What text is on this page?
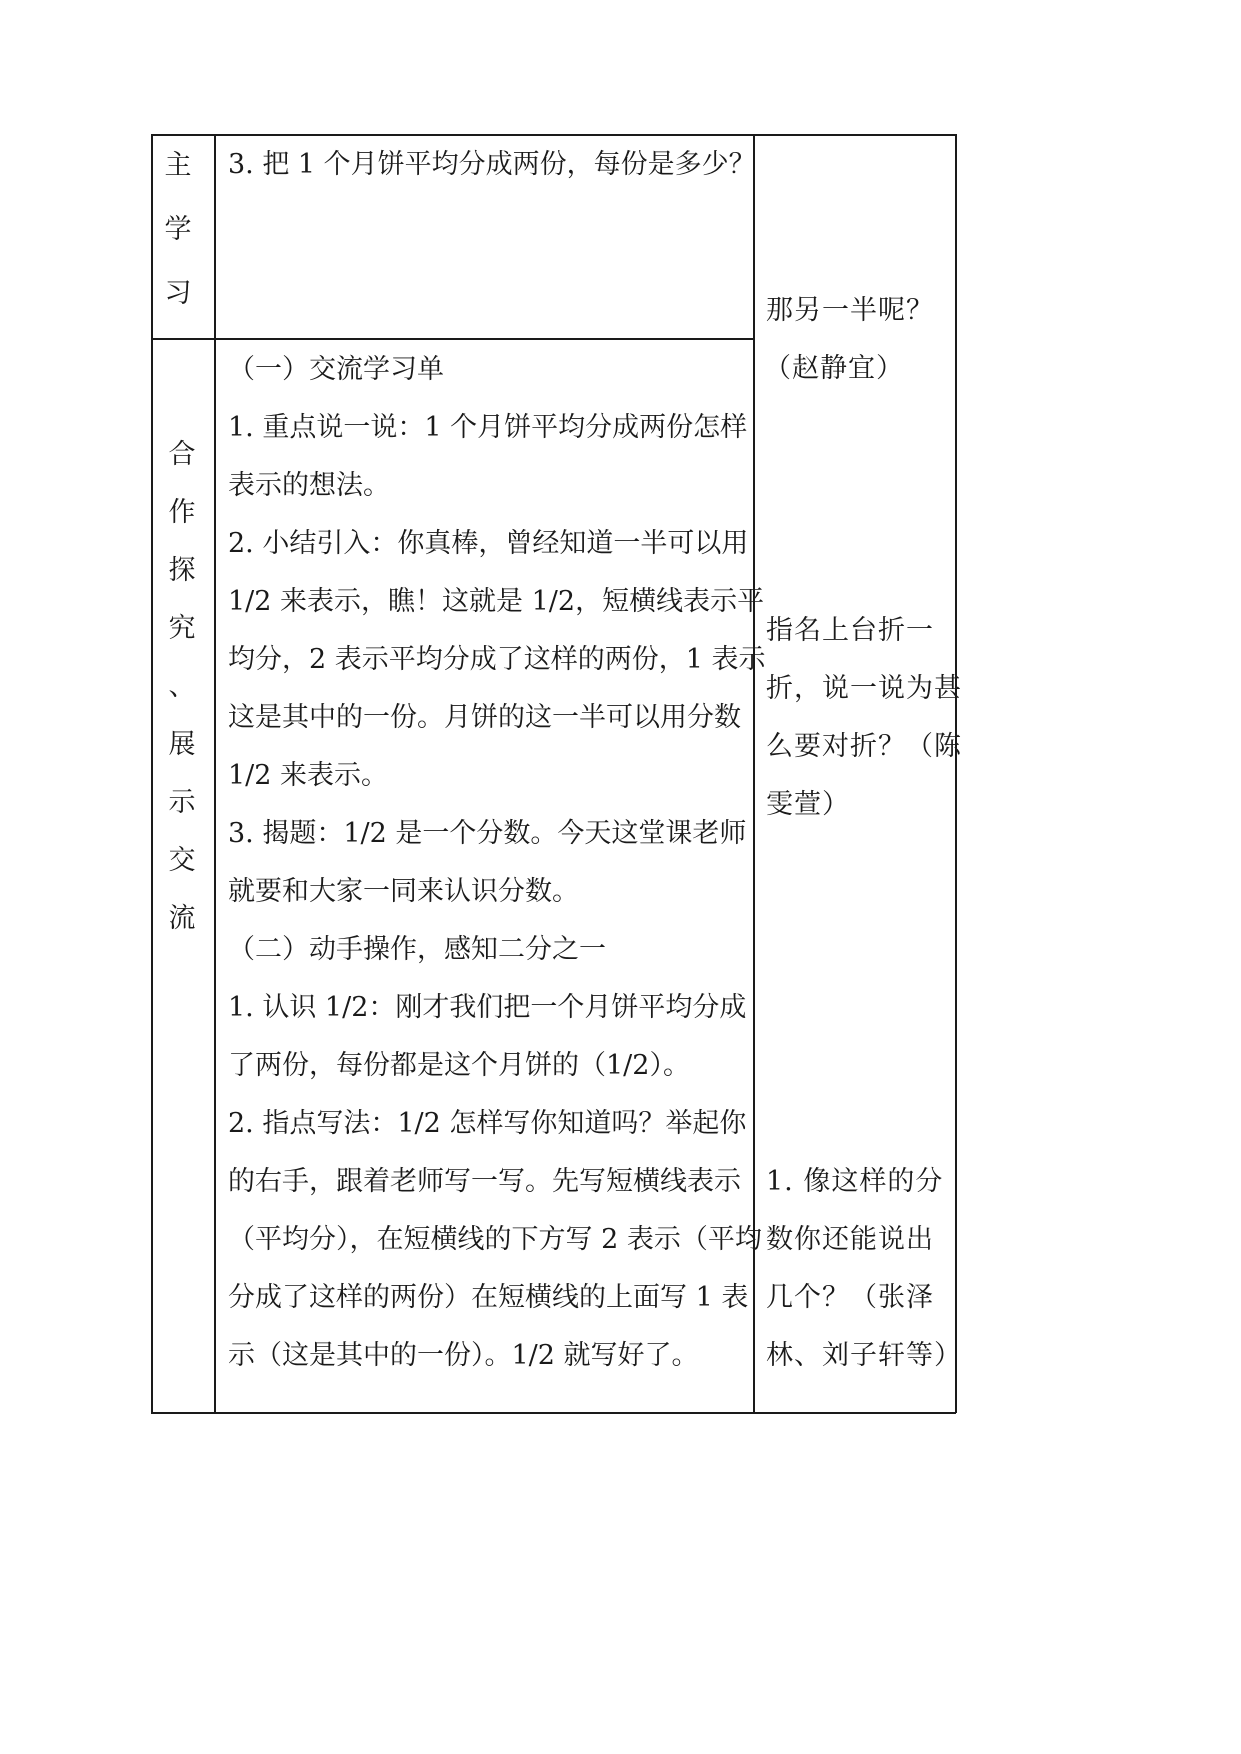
主
学
习
3. 把 1 个月饼平均分成两份，每份是多少？
合
作
探
究
、
展
示
交
流
（一）交流学习单
1. 重点说一说：1 个月饼平均分成两份怎样
表示的想法。
2. 小结引入：你真棒，曾经知道一半可以用
1/2 来表示，瞧！这就是 1/2，短横线表示平
均分，2 表示平均分成了这样的两份，1 表示
这是其中的一份。月饼的这一半可以用分数
1/2 来表示。
3. 揭题：1/2 是一个分数。今天这堂课老师
就要和大家一同来认识分数。
（二）动手操作，感知二分之一
1. 认识 1/2：刚才我们把一个月饼平均分成
了两份，每份都是这个月饼的（1/2）。
2. 指点写法：1/2 怎样写你知道吗？举起你
的右手，跟着老师写一写。先写短横线表示
（平均分），在短横线的下方写 2 表示（平均
分成了这样的两份）在短横线的上面写 1 表
示（这是其中的一份）。1/2 就写好了。
那另一半呢？
（赵静宜）
指名上台折一
折，说一说为甚
么要对折？（陈
雯萱）
1. 像这样的分
数你还能说出
几个？（张泽
林、刘子轩等）
